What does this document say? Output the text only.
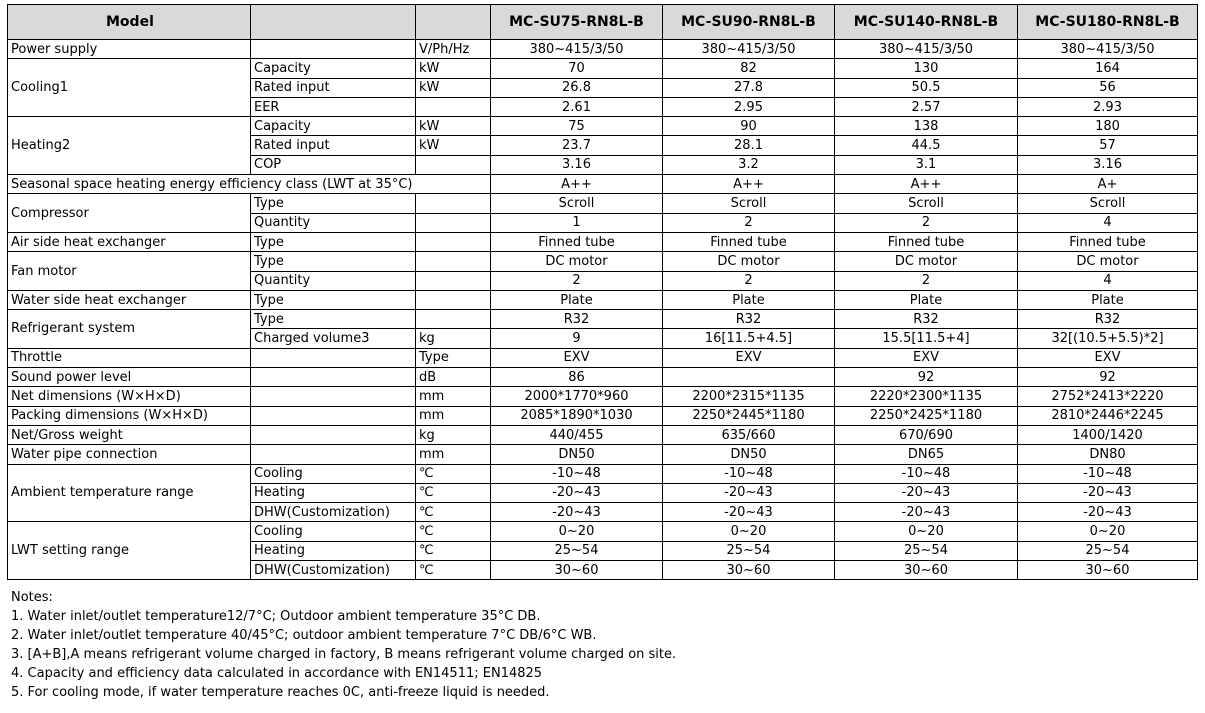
Model			MC-SU75-RN8L-B	MC-SU90-RN8L-B	MC-SU140-RN8L-B	MC-SU180-RN8L-B
Power supply		V/Ph/Hz	380~415/3/50	380~415/3/50	380~415/3/50	380~415/3/50
Cooling1	Capacity	kW	70	82	130	164
	Rated input	kW	26.8	27.8	50.5	56
	EER		2.61	2.95	2.57	2.93
Heating2	Capacity	kW	75	90	138	180
	Rated input	kW	23.7	28.1	44.5	57
	COP		3.16	3.2	3.1	3.16
Seasonal space heating energy efficiency class (LWT at 35°C)			A++	A++	A++	A+
Compressor	Type		Scroll	Scroll	Scroll	Scroll
	Quantity		1	2	2	4
Air side heat exchanger	Type		Finned tube	Finned tube	Finned tube	Finned tube
Fan motor	Type		DC motor	DC motor	DC motor	DC motor
	Quantity		2	2	2	4
Water side heat exchanger	Type		Plate	Plate	Plate	Plate
Refrigerant system	Type		R32	R32	R32	R32
	Charged volume3	kg	9	16[11.5+4.5]	15.5[11.5+4]	32[(10.5+5.5)*2]
Throttle		Type	EXV	EXV	EXV	EXV
Sound power level		dB	86		92	92
Net dimensions (W×H×D)		mm	2000*1770*960	2200*2315*1135	2220*2300*1135	2752*2413*2220
Packing dimensions (W×H×D)		mm	2085*1890*1030	2250*2445*1180	2250*2425*1180	2810*2446*2245
Net/Gross weight		kg	440/455	635/660	670/690	1400/1420
Water pipe connection		mm	DN50	DN50	DN65	DN80
Ambient temperature range	Cooling	℃	-10~48	-10~48	-10~48	-10~48
	Heating	℃	-20~43	-20~43	-20~43	-20~43
	DHW(Customization)	℃	-20~43	-20~43	-20~43	-20~43
LWT setting range	Cooling	℃	0~20	0~20	0~20	0~20
	Heating	℃	25~54	25~54	25~54	25~54
	DHW(Customization)	℃	30~60	30~60	30~60	30~60
Notes:
1. Water inlet/outlet temperature12/7°C; Outdoor ambient temperature 35°C DB.
2. Water inlet/outlet temperature 40/45°C; outdoor ambient temperature 7°C DB/6°C WB.
3. [A+B],A means refrigerant volume charged in factory, B means refrigerant volume charged on site.
4. Capacity and efficiency data calculated in accordance with EN14511; EN14825
5. For cooling mode, if water temperature reaches 0C, anti-freeze liquid is needed.
